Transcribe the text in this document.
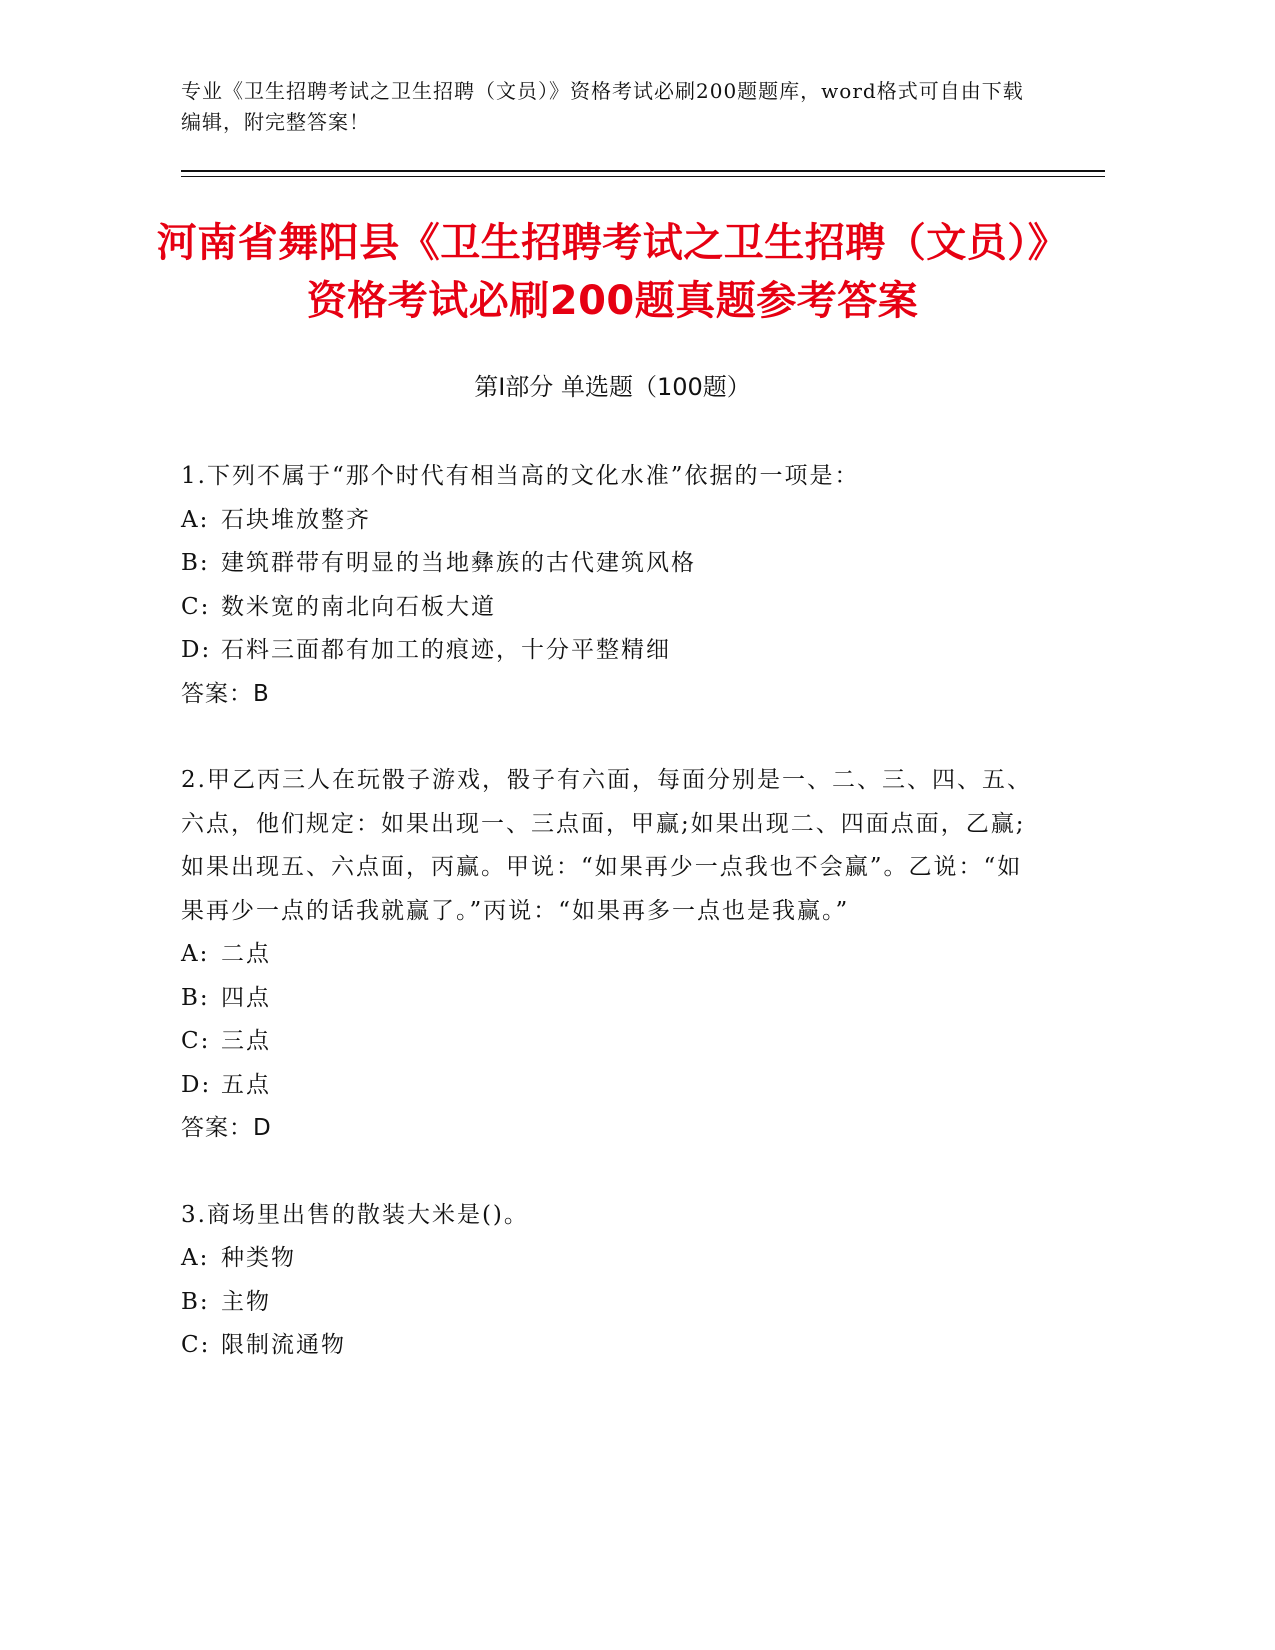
专业《卫生招聘考试之卫生招聘（文员）》资格考试必刷200题题库，word格式可自由下载编辑，附完整答案！
河南省舞阳县《卫生招聘考试之卫生招聘（文员）》资格考试必刷200题真题参考答案
第Ⅰ部分 单选题（100题）

1.下列不属于“那个时代有相当高的文化水准”依据的一项是：

A: 石块堆放整齐

B: 建筑群带有明显的当地彝族的古代建筑风格

C: 数米宽的南北向石板大道

D: 石料三面都有加工的痕迹，十分平整精细

答案：B

2.甲乙丙三人在玩骰子游戏，骰子有六面，每面分别是一、二、三、四、五、六点，他们规定：如果出现一、三点面，甲赢;如果出现二、四面点面，乙赢;如果出现五、六点面，丙赢。甲说：“如果再少一点我也不会赢”。乙说：“如果再少一点的话我就赢了。”丙说：“如果再多一点也是我赢。”

A: 二点

B: 四点

C: 三点

D: 五点

答案：D

3.商场里出售的散装大米是()。

A: 种类物

B: 主物

C: 限制流通物
